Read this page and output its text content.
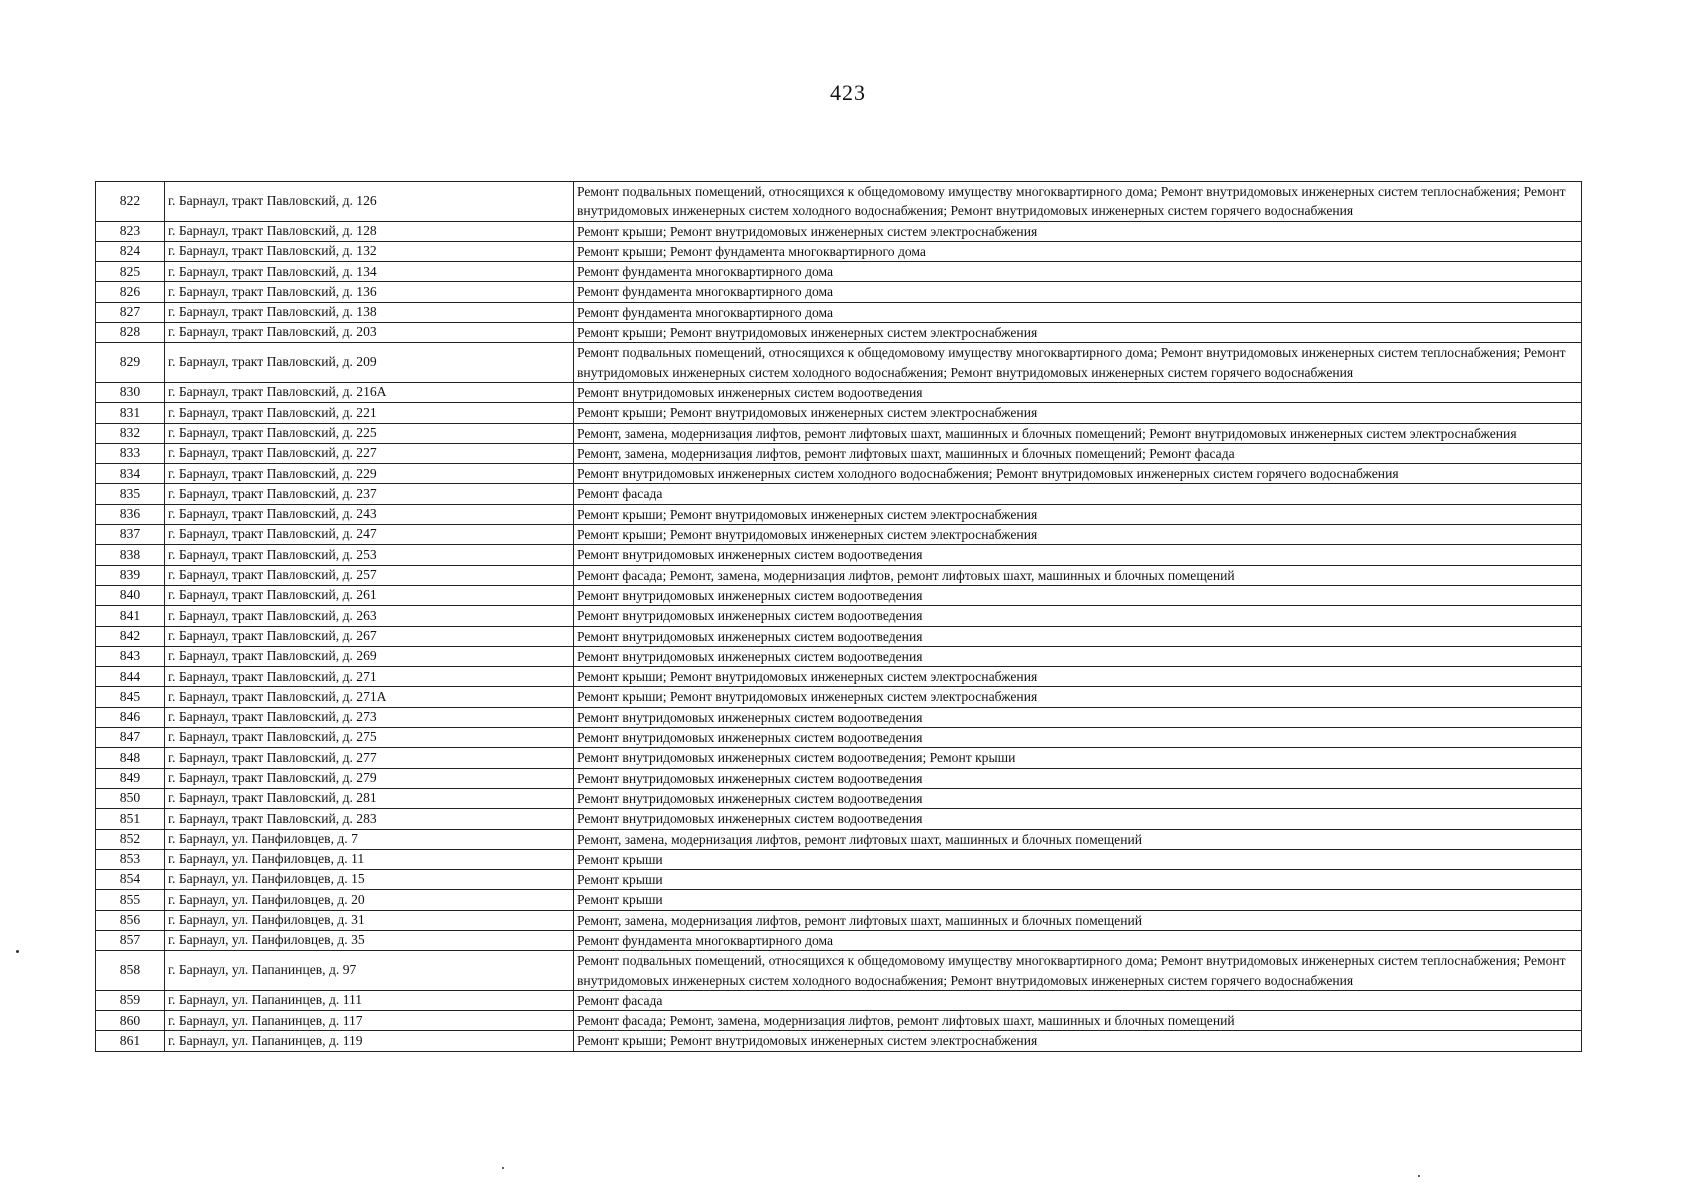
423
822	г. Барнаул, тракт Павловский, д. 126	Ремонт подвальных помещений, относящихся к общедомовому имуществу многоквартирного дома; Ремонт внутридомовых инженерных систем теплоснабжения; Ремонт внутридомовых инженерных систем холодного водоснабжения; Ремонт внутридомовых инженерных систем горячего водоснабжения
823	г. Барнаул, тракт Павловский, д. 128	Ремонт крыши; Ремонт внутридомовых инженерных систем электроснабжения
824	г. Барнаул, тракт Павловский, д. 132	Ремонт крыши; Ремонт фундамента многоквартирного дома
825	г. Барнаул, тракт Павловский, д. 134	Ремонт фундамента многоквартирного дома
826	г. Барнаул, тракт Павловский, д. 136	Ремонт фундамента многоквартирного дома
827	г. Барнаул, тракт Павловский, д. 138	Ремонт фундамента многоквартирного дома
828	г. Барнаул, тракт Павловский, д. 203	Ремонт крыши; Ремонт внутридомовых инженерных систем электроснабжения
829	г. Барнаул, тракт Павловский, д. 209	Ремонт подвальных помещений, относящихся к общедомовому имуществу многоквартирного дома; Ремонт внутридомовых инженерных систем теплоснабжения; Ремонт внутридомовых инженерных систем холодного водоснабжения; Ремонт внутридомовых инженерных систем горячего водоснабжения
830	г. Барнаул, тракт Павловский, д. 216А	Ремонт внутридомовых инженерных систем водоотведения
831	г. Барнаул, тракт Павловский, д. 221	Ремонт крыши; Ремонт внутридомовых инженерных систем электроснабжения
832	г. Барнаул, тракт Павловский, д. 225	Ремонт, замена, модернизация лифтов, ремонт лифтовых шахт, машинных и блочных помещений; Ремонт внутридомовых инженерных систем электроснабжения
833	г. Барнаул, тракт Павловский, д. 227	Ремонт, замена, модернизация лифтов, ремонт лифтовых шахт, машинных и блочных помещений; Ремонт фасада
834	г. Барнаул, тракт Павловский, д. 229	Ремонт внутридомовых инженерных систем холодного водоснабжения; Ремонт внутридомовых инженерных систем горячего водоснабжения
835	г. Барнаул, тракт Павловский, д. 237	Ремонт фасада
836	г. Барнаул, тракт Павловский, д. 243	Ремонт крыши; Ремонт внутридомовых инженерных систем электроснабжения
837	г. Барнаул, тракт Павловский, д. 247	Ремонт крыши; Ремонт внутридомовых инженерных систем электроснабжения
838	г. Барнаул, тракт Павловский, д. 253	Ремонт внутридомовых инженерных систем водоотведения
839	г. Барнаул, тракт Павловский, д. 257	Ремонт фасада; Ремонт, замена, модернизация лифтов, ремонт лифтовых шахт, машинных и блочных помещений
840	г. Барнаул, тракт Павловский, д. 261	Ремонт внутридомовых инженерных систем водоотведения
841	г. Барнаул, тракт Павловский, д. 263	Ремонт внутридомовых инженерных систем водоотведения
842	г. Барнаул, тракт Павловский, д. 267	Ремонт внутридомовых инженерных систем водоотведения
843	г. Барнаул, тракт Павловский, д. 269	Ремонт внутридомовых инженерных систем водоотведения
844	г. Барнаул, тракт Павловский, д. 271	Ремонт крыши; Ремонт внутридомовых инженерных систем электроснабжения
845	г. Барнаул, тракт Павловский, д. 271А	Ремонт крыши; Ремонт внутридомовых инженерных систем электроснабжения
846	г. Барнаул, тракт Павловский, д. 273	Ремонт внутридомовых инженерных систем водоотведения
847	г. Барнаул, тракт Павловский, д. 275	Ремонт внутридомовых инженерных систем водоотведения
848	г. Барнаул, тракт Павловский, д. 277	Ремонт внутридомовых инженерных систем водоотведения; Ремонт крыши
849	г. Барнаул, тракт Павловский, д. 279	Ремонт внутридомовых инженерных систем водоотведения
850	г. Барнаул, тракт Павловский, д. 281	Ремонт внутридомовых инженерных систем водоотведения
851	г. Барнаул, тракт Павловский, д. 283	Ремонт внутридомовых инженерных систем водоотведения
852	г. Барнаул, ул. Панфиловцев, д. 7	Ремонт, замена, модернизация лифтов, ремонт лифтовых шахт, машинных и блочных помещений
853	г. Барнаул, ул. Панфиловцев, д. 11	Ремонт крыши
854	г. Барнаул, ул. Панфиловцев, д. 15	Ремонт крыши
855	г. Барнаул, ул. Панфиловцев, д. 20	Ремонт крыши
856	г. Барнаул, ул. Панфиловцев, д. 31	Ремонт, замена, модернизация лифтов, ремонт лифтовых шахт, машинных и блочных помещений
857	г. Барнаул, ул. Панфиловцев, д. 35	Ремонт фундамента многоквартирного дома
858	г. Барнаул, ул. Папанинцев, д. 97	Ремонт подвальных помещений, относящихся к общедомовому имуществу многоквартирного дома; Ремонт внутридомовых инженерных систем теплоснабжения; Ремонт внутридомовых инженерных систем холодного водоснабжения; Ремонт внутридомовых инженерных систем горячего водоснабжения
859	г. Барнаул, ул. Папанинцев, д. 111	Ремонт фасада
860	г. Барнаул, ул. Папанинцев, д. 117	Ремонт фасада; Ремонт, замена, модернизация лифтов, ремонт лифтовых шахт, машинных и блочных помещений
861	г. Барнаул, ул. Папанинцев, д. 119	Ремонт крыши; Ремонт внутридомовых инженерных систем электроснабжения
